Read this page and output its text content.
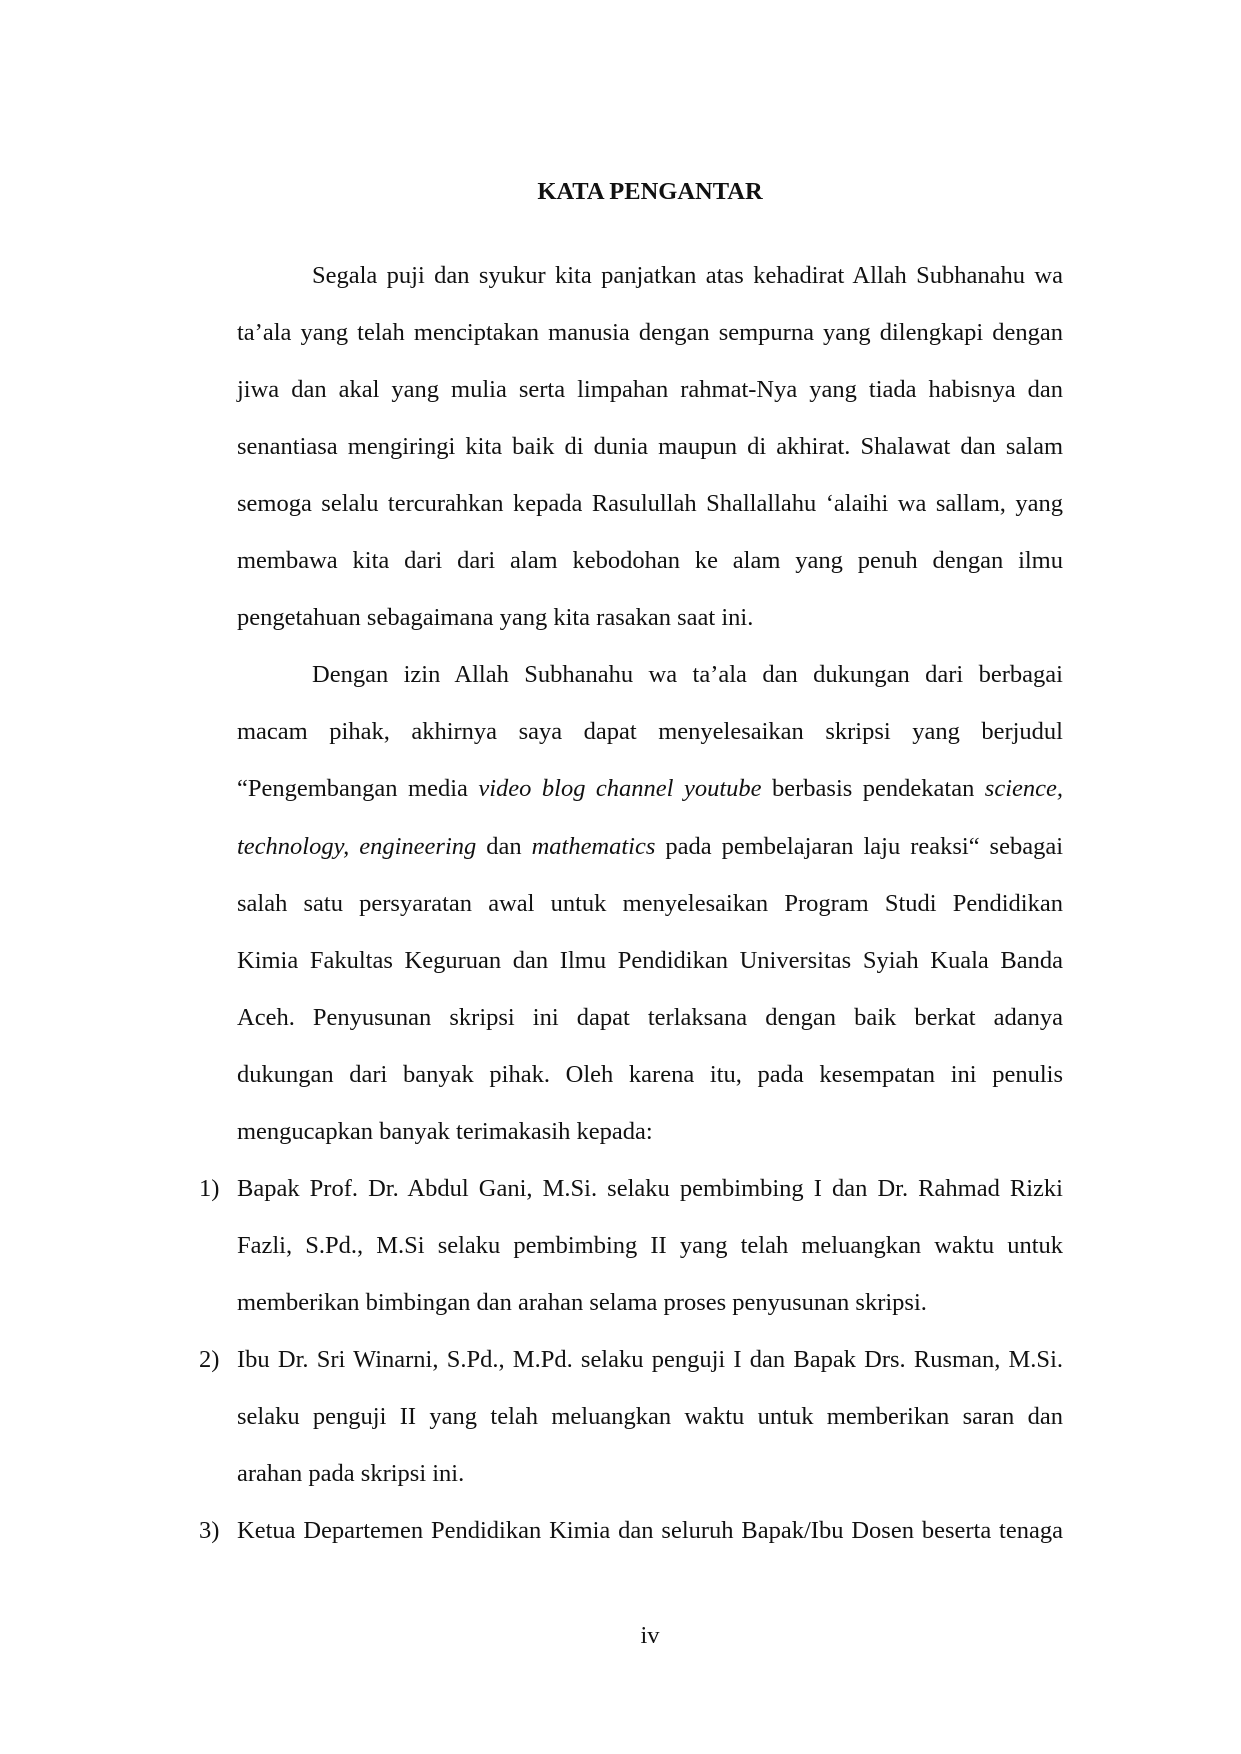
KATA PENGANTAR
Segala puji dan syukur kita panjatkan atas kehadirat Allah Subhanahu wa
ta’ala yang telah menciptakan manusia dengan sempurna yang dilengkapi dengan
jiwa dan akal yang mulia serta limpahan rahmat-Nya yang tiada habisnya dan
senantiasa mengiringi kita baik di dunia maupun di akhirat. Shalawat dan salam
semoga selalu tercurahkan kepada Rasulullah Shallallahu ‘alaihi wa sallam, yang
membawa kita dari dari alam kebodohan ke alam yang penuh dengan ilmu
pengetahuan sebagaimana yang kita rasakan saat ini.
Dengan izin Allah Subhanahu wa ta’ala dan dukungan dari berbagai
macam pihak, akhirnya saya dapat menyelesaikan skripsi yang berjudul
“Pengembangan media video blog channel youtube berbasis pendekatan science,
technology, engineering dan mathematics pada pembelajaran laju reaksi“ sebagai
salah satu persyaratan awal untuk menyelesaikan Program Studi Pendidikan
Kimia Fakultas Keguruan dan Ilmu Pendidikan Universitas Syiah Kuala Banda
Aceh. Penyusunan skripsi ini dapat terlaksana dengan baik berkat adanya
dukungan dari banyak pihak. Oleh karena itu, pada kesempatan ini penulis
mengucapkan banyak terimakasih kepada:
1) Bapak Prof. Dr. Abdul Gani, M.Si. selaku pembimbing I dan Dr. Rahmad Rizki
Fazli, S.Pd., M.Si selaku pembimbing II yang telah meluangkan waktu untuk
memberikan bimbingan dan arahan selama proses penyusunan skripsi.
2) Ibu Dr. Sri Winarni, S.Pd., M.Pd. selaku penguji I dan Bapak Drs. Rusman, M.Si.
selaku penguji II yang telah meluangkan waktu untuk memberikan saran dan
arahan pada skripsi ini.
3) Ketua Departemen Pendidikan Kimia dan seluruh Bapak/Ibu Dosen beserta tenaga
iv
